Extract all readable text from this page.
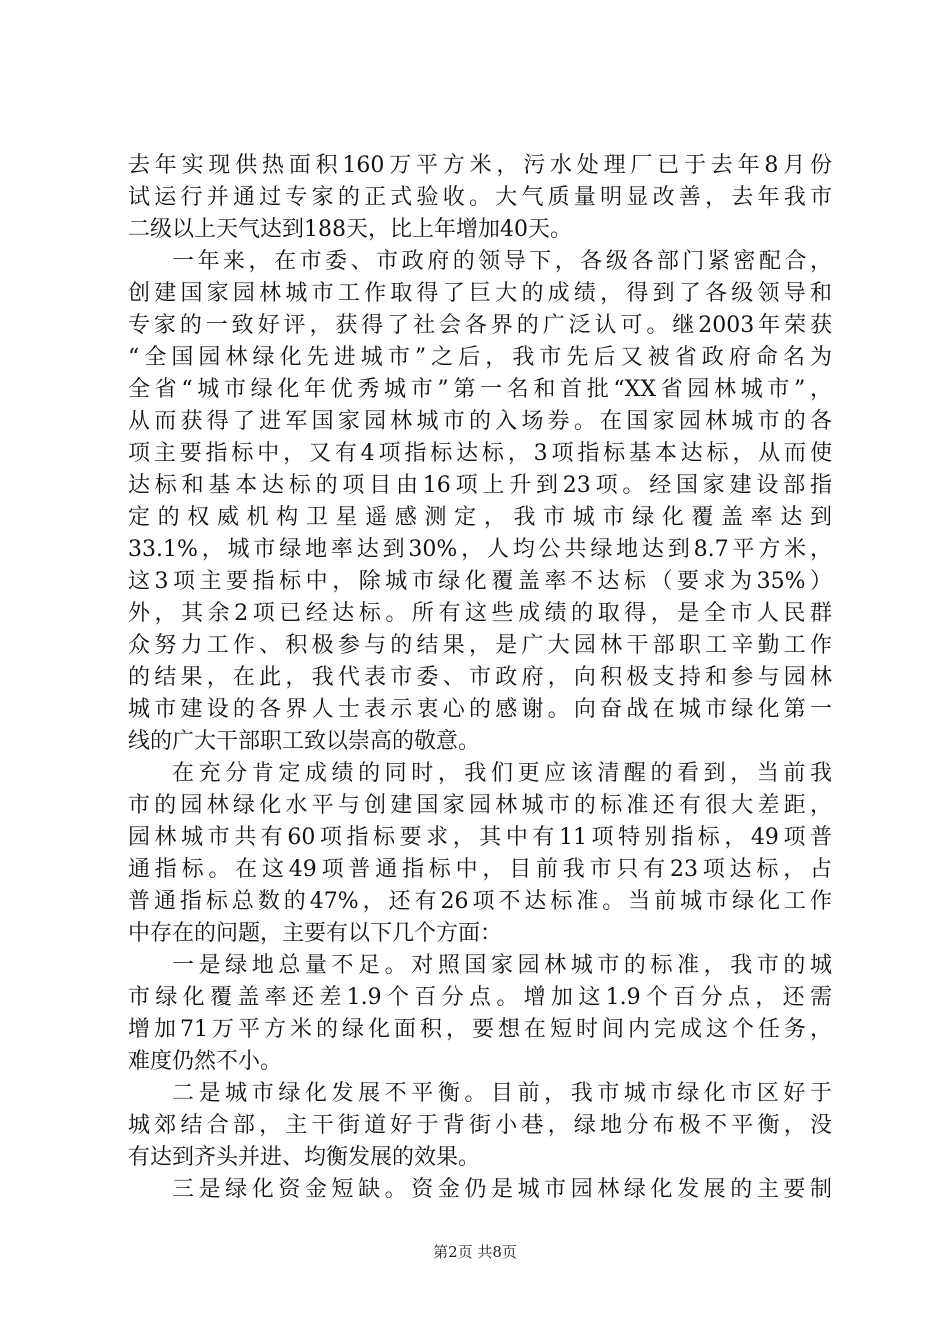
去年实现供热面积160万平方米，污水处理厂已于去年8月份
试运行并通过专家的正式验收。大气质量明显改善，去年我市
二级以上天气达到188天，比上年增加40天。
一年来，在市委、市政府的领导下，各级各部门紧密配合，
创建国家园林城市工作取得了巨大的成绩，得到了各级领导和
专家的一致好评，获得了社会各界的广泛认可。继2003年荣获
“全国园林绿化先进城市”之后，我市先后又被省政府命名为
全省“城市绿化年优秀城市”第一名和首批“XX省园林城市”，
从而获得了进军国家园林城市的入场券。在国家园林城市的各
项主要指标中，又有4项指标达标，3项指标基本达标，从而使
达标和基本达标的项目由16项上升到23项。经国家建设部指
定的权威机构卫星遥感测定，我市城市绿化覆盖率达到
33.1%，城市绿地率达到30%，人均公共绿地达到8.7平方米，
这3项主要指标中，除城市绿化覆盖率不达标（要求为35%）
外，其余2项已经达标。所有这些成绩的取得，是全市人民群
众努力工作、积极参与的结果，是广大园林干部职工辛勤工作
的结果，在此，我代表市委、市政府，向积极支持和参与园林
城市建设的各界人士表示衷心的感谢。向奋战在城市绿化第一
线的广大干部职工致以崇高的敬意。
在充分肯定成绩的同时，我们更应该清醒的看到，当前我
市的园林绿化水平与创建国家园林城市的标准还有很大差距，
园林城市共有60项指标要求，其中有11项特别指标，49项普
通指标。在这49项普通指标中，目前我市只有23项达标，占
普通指标总数的47%，还有26项不达标准。当前城市绿化工作
中存在的问题，主要有以下几个方面：
一是绿地总量不足。对照国家园林城市的标准，我市的城
市绿化覆盖率还差1.9个百分点。增加这1.9个百分点，还需
增加71万平方米的绿化面积，要想在短时间内完成这个任务，
难度仍然不小。
二是城市绿化发展不平衡。目前，我市城市绿化市区好于
城郊结合部，主干街道好于背街小巷，绿地分布极不平衡，没
有达到齐头并进、均衡发展的效果。
三是绿化资金短缺。资金仍是城市园林绿化发展的主要制
第2页 共8页
